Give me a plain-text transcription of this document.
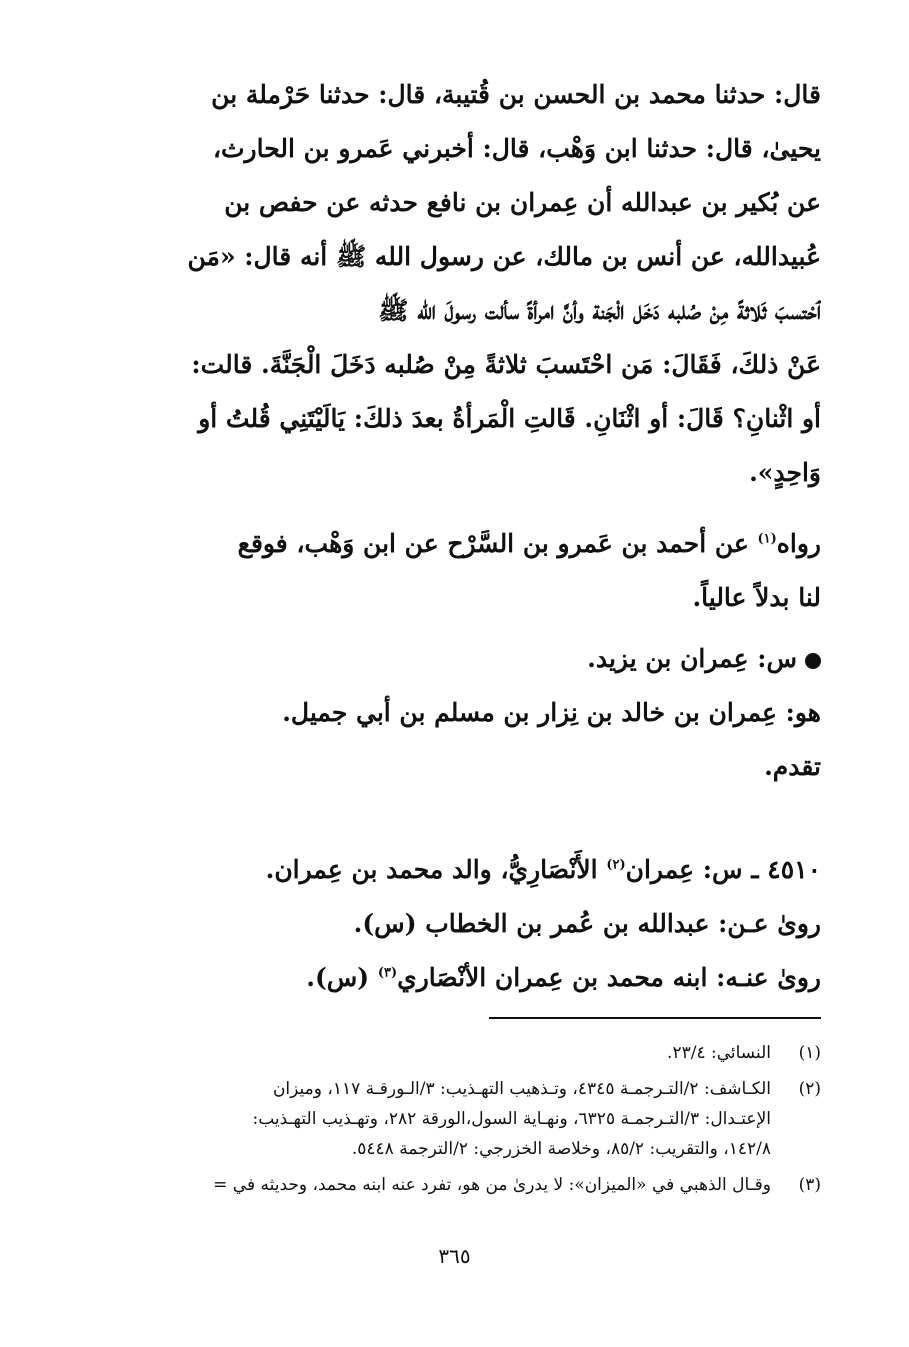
قال: حدثنا محمد بن الحسن بن قُتيبة، قال: حدثنا حَرْملة بن
يحيىٰ، قال: حدثنا ابن وَهْب، قال: أخبرني عَمرو بن الحارث،
عن بُكير بن عبدالله أن عِمران بن نافع حدثه عن حفص بن
عُبيدالله، عن أنس بن مالك، عن رسول الله ﷺ أنه قال: «مَن
ٱحْتسبَ ثَلاثةً مِنْ صُلبه دَخَل الْجَنة وأنَّ امرأةً سألت رسولَ الله ﷺ
عَنْ ذلكَ، فَقَالَ: مَن احْتَسبَ ثلاثةً مِنْ صُلبه دَخَلَ الْجَنَّةَ. قالت:
أو اثْنانِ؟ قَالَ: أو اثْنَانِ. قَالتِ الْمَرأةُ بعدَ ذلكَ: يَالَيْتَنِي قُلتُ أو
وَاحِدٍ».
رواه$^{(١)}$ عن أحمد بن عَمرو بن السَّرْح عن ابن وَهْب، فوقع
لنا بدلاً عالياً.
س: عِمران بن يزيد.
هو: عِمران بن خالد بن نِزار بن مسلم بن أبي جميل.
تقدم.
٤٥١٠ ـ س: عِمران$^{(٢)}$ الأَنْصَارِيُّ، والد محمد بن عِمران.
روىٰ عـن: عبدالله بن عُمر بن الخطاب (س).
روىٰ عنـه: ابنه محمد بن عِمران الأنْصَاري$^{(٣)}$ (س).
(١)
النسائي: ٢٣/٤.
(٢)
الكـاشف: ٢/التـرجمـة ٤٣٤٥، وتـذهيب التهـذيب: ٣/الـورقـة ١١٧، وميزان
الإعتـدال: ٣/التـرجمـة ٦٣٢٥، ونهـاية السول،الورقة ٢٨٢، وتهـذيب التهـذيب:
١٤٢/٨، والتقريب: ٨٥/٢، وخلاصة الخزرجي: ٢/الترجمة ٥٤٤٨.
(٣)
وقـال الذهبي في «الميزان»: لا يدرىٰ من هو، تفرد عنه ابنه محمد، وحديثه في =
٣٦٥
